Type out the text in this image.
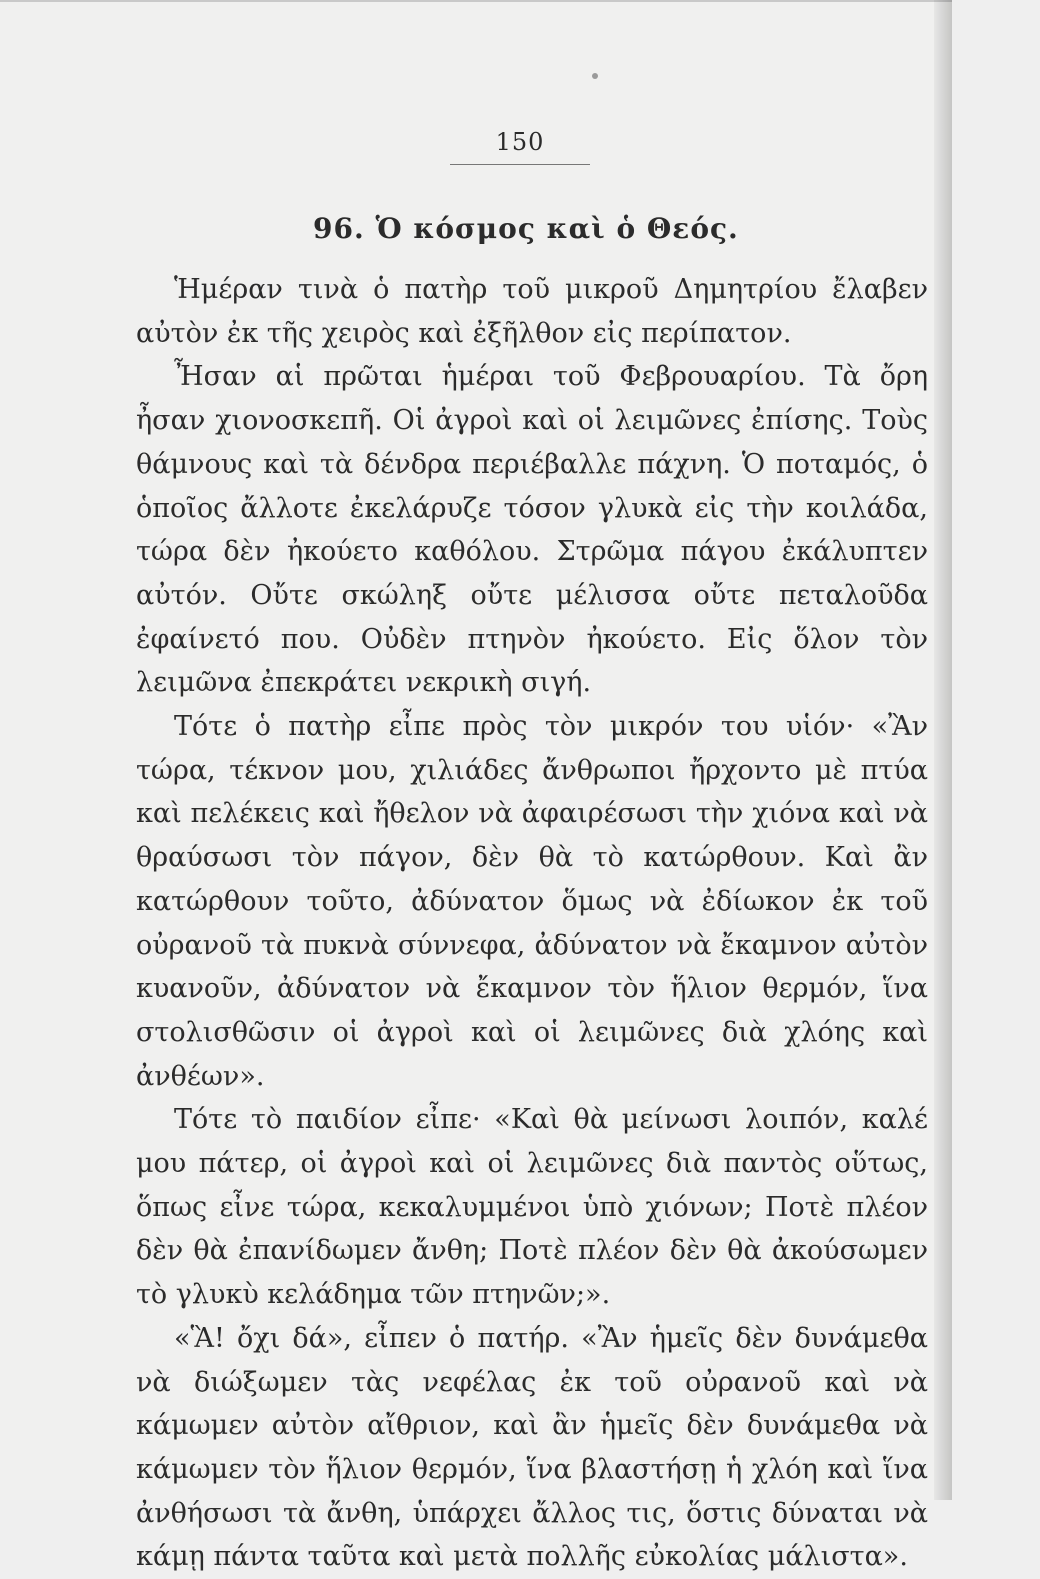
150
96. Ὁ κόσμος καὶ ὁ Θεός.

Ἡμέραν τινὰ ὁ πατὴρ τοῦ μικροῦ Δημητρίου ἔλαβεν αὐτὸν ἐκ τῆς χειρὸς καὶ ἐξῆλθον εἰς περίπατον.

Ἦσαν αἱ πρῶται ἡμέραι τοῦ Φεβρουαρίου. Τὰ ὄρη ἦσαν χιονοσκεπῆ. Οἱ ἀγροὶ καὶ οἱ λειμῶνες ἐπίσης. Τοὺς θάμνους καὶ τὰ δένδρα περιέβαλλε πάχνη. Ὁ ποταμός, ὁ ὁποῖος ἄλλοτε ἐκελάρυζε τόσον γλυκὰ εἰς τὴν κοιλάδα, τώρα δὲν ἠκούετο καθόλου. Στρῶμα πάγου ἐκάλυπτεν αὐτόν. Οὔτε σκώληξ οὔτε μέλισσα οὔτε πεταλοῦδα ἐφαίνετό που. Οὐδὲν πτηνὸν ἠκούετο. Εἰς ὅλον τὸν λειμῶνα ἐπεκράτει νεκρικὴ σιγή.

Τότε ὁ πατὴρ εἶπε πρὸς τὸν μικρόν του υἱόν· «Ἂν τώρα, τέκνον μου, χιλιάδες ἄνθρωποι ἤρχοντο μὲ πτύα καὶ πελέκεις καὶ ἤθελον νὰ ἀφαιρέσωσι τὴν χιόνα καὶ νὰ θραύσωσι τὸν πάγον, δὲν θὰ τὸ κατώρθουν. Καὶ ἂν κατώρθουν τοῦτο, ἀδύνατον ὅμως νὰ ἐδίωκον ἐκ τοῦ οὐρανοῦ τὰ πυκνὰ σύννεφα, ἀδύνατον νὰ ἔκαμνον αὐτὸν κυανοῦν, ἀδύνατον νὰ ἔκαμνον τὸν ἥλιον θερμόν, ἵνα στολισθῶσιν οἱ ἀγροὶ καὶ οἱ λειμῶνες διὰ χλόης καὶ ἀνθέων».

Τότε τὸ παιδίον εἶπε· «Καὶ θὰ μείνωσι λοιπόν, καλέ μου πάτερ, οἱ ἀγροὶ καὶ οἱ λειμῶνες διὰ παντὸς οὕτως, ὅπως εἶνε τώρα, κεκαλυμμένοι ὑπὸ χιόνων; Ποτὲ πλέον δὲν θὰ ἐπανίδωμεν ἄνθη; Ποτὲ πλέον δὲν θὰ ἀκούσωμεν τὸ γλυκὺ κελάδημα τῶν πτηνῶν;».

«Ἃ! ὄχι δά», εἶπεν ὁ πατήρ. «Ἂν ἡμεῖς δὲν δυνάμεθα νὰ διώξωμεν τὰς νεφέλας ἐκ τοῦ οὐρανοῦ καὶ νὰ κάμωμεν αὐτὸν αἴθριον, καὶ ἂν ἡμεῖς δὲν δυνάμεθα νὰ κάμωμεν τὸν ἥλιον θερμόν, ἵνα βλαστήσῃ ἡ χλόη καὶ ἵνα ἀνθήσωσι τὰ ἄνθη, ὑπάρχει ἄλλος τις, ὅστις δύναται νὰ κάμῃ πάντα ταῦτα καὶ μετὰ πολλῆς εὐκολίας μάλιστα».
